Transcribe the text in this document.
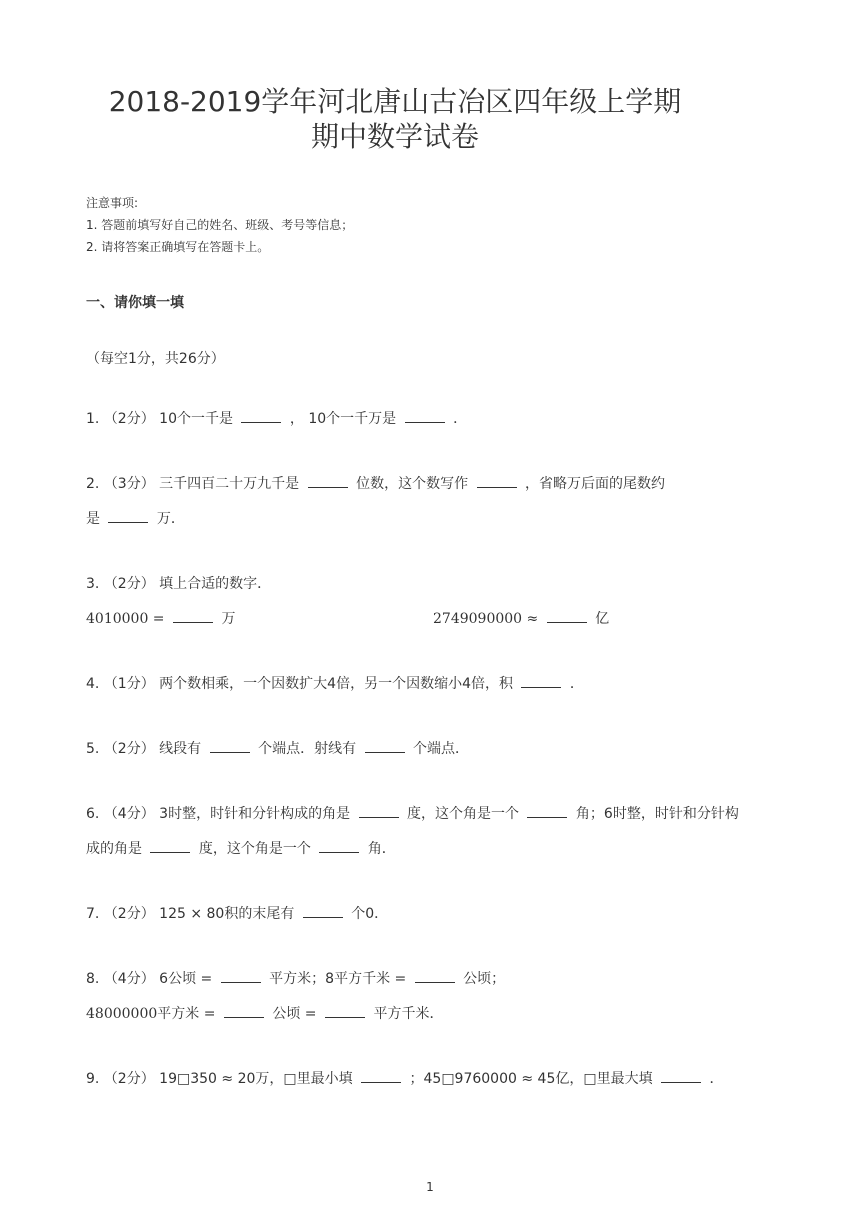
2018-2019学年河北唐山古冶区四年级上学期
期中数学试卷
注意事项:
1. 答题前填写好自己的姓名、班级、考号等信息；
2. 请将答案正确填写在答题卡上。
一、请你填一填
（每空1分，共26分）
1. （2分） 10个一千是	， 10个一千万是	．
2. （3分） 三千四百二十万九千是	位数，这个数写作	，省略万后面的尾数约
是	万．
3. （2分） 填上合适的数字．
4010000 =	万	2749090000 ≈	亿
4. （1分） 两个数相乘，一个因数扩大4倍，另一个因数缩小4倍，积	．
5. （2分） 线段有	个端点．射线有	个端点．
6. （4分） 3时整，时针和分针构成的角是	度，这个角是一个	角；6时整，时针和分针构
成的角是	度，这个角是一个	角．
7. （2分） 125 × 80积的末尾有	个0．
8. （4分） 6公顷 =	平方米；8平方千米 =	公顷；
48000000平方米 =	公顷 =	平方千米．
9. （2分） 19□350 ≈ 20万，□里最小填	；45□9760000 ≈ 45亿，□里最大填	．
1
